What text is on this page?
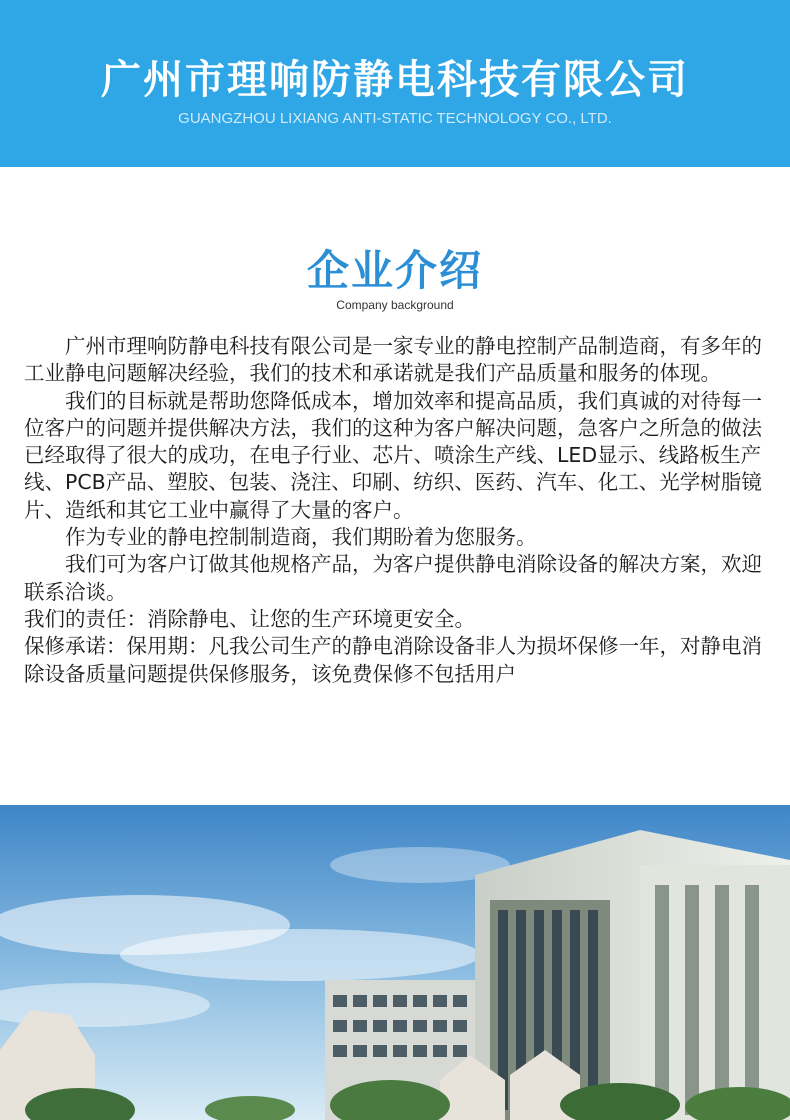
广州市理响防静电科技有限公司
GUANGZHOU LIXIANG ANTI-STATIC TECHNOLOGY CO., LTD.
企业介绍
Company background

广州市理响防静电科技有限公司是一家专业的静电控制产品制造商，有多年的工业静电问题解决经验，我们的技术和承诺就是我们产品质量和服务的体现。

我们的目标就是帮助您降低成本，增加效率和提高品质，我们真诚的对待每一位客户的问题并提供解决方法，我们的这种为客户解决问题，急客户之所急的做法已经取得了很大的成功，在电子行业、芯片、喷涂生产线、LED显示、线路板生产线、PCB产品、塑胶、包装、浇注、印刷、纺织、医药、汽车、化工、光学树脂镜片、造纸和其它工业中赢得了大量的客户。

作为专业的静电控制制造商，我们期盼着为您服务。

我们可为客户订做其他规格产品，为客户提供静电消除设备的解决方案，欢迎联系洽谈。

我们的责任：消除静电、让您的生产环境更安全。

保修承诺：保用期：凡我公司生产的静电消除设备非人为损坏保修一年，对静电消除设备质量问题提供保修服务，该免费保修不包括用户
